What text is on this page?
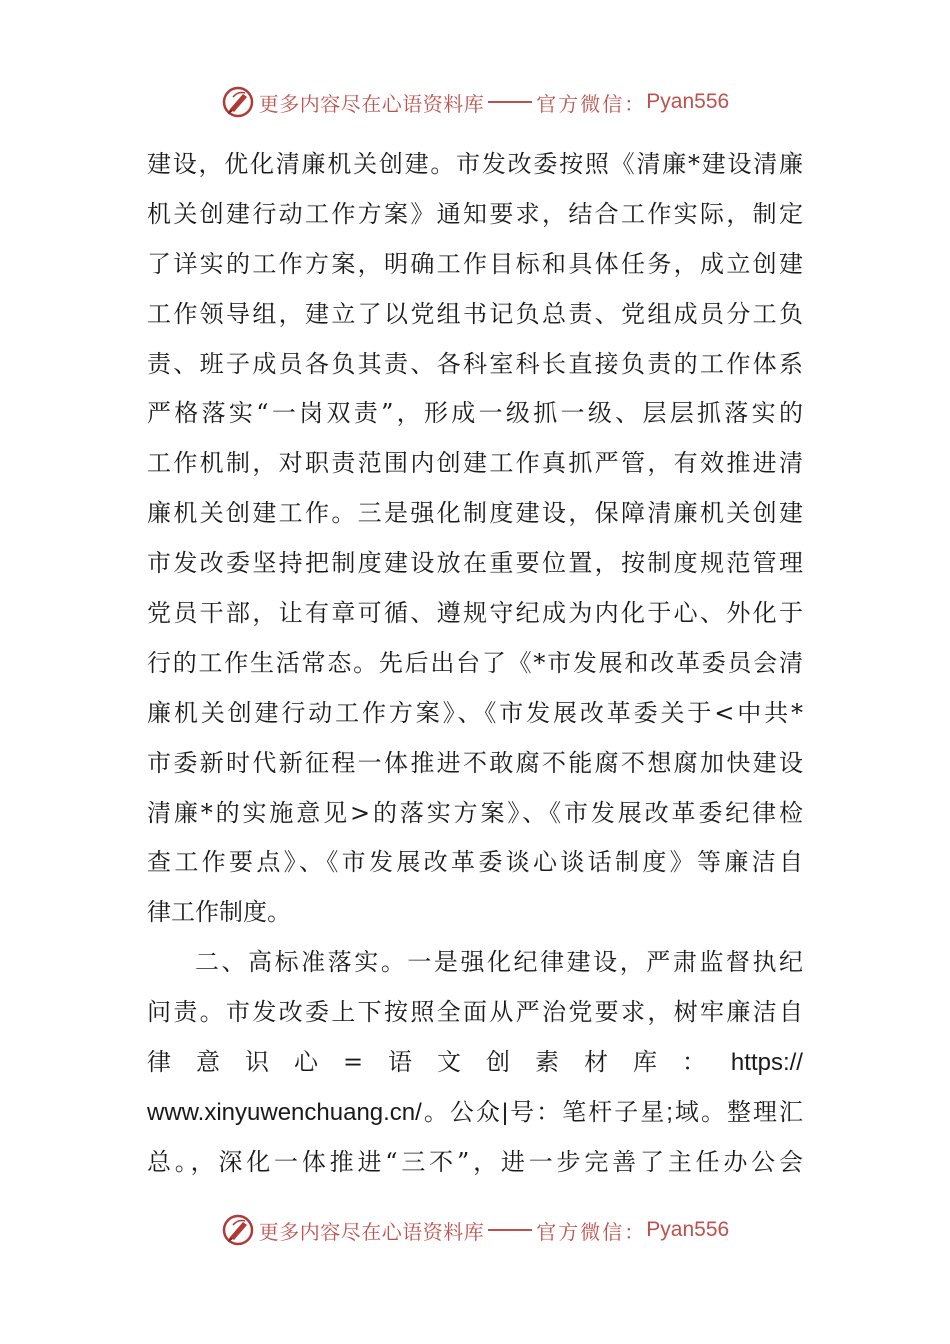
更多内容尽在心语资料库	官方微信： Pyan556
建设，优化清廉机关创建。市发改委按照《清廉*建设清廉
机关创建行动工作方案》通知要求，结合工作实际，制定
了详实的工作方案，明确工作目标和具体任务，成立创建
工作领导组，建立了以党组书记负总责、党组成员分工负
责、班子成员各负其责、各科室科长直接负责的工作体系
严格落实“一岗双责”，形成一级抓一级、层层抓落实的
工作机制，对职责范围内创建工作真抓严管，有效推进清
廉机关创建工作。三是强化制度建设，保障清廉机关创建
市发改委坚持把制度建设放在重要位置，按制度规范管理
党员干部，让有章可循、遵规守纪成为内化于心、外化于
行的工作生活常态。先后出台了《*市发展和改革委员会清
廉机关创建行动工作方案》、《市发展改革委关于<中共*
市委新时代新征程一体推进不敢腐不能腐不想腐加快建设
清廉*的实施意见>的落实方案》、《市发展改革委纪律检
查工作要点》、《市发展改革委谈心谈话制度》等廉洁自
律工作制度。
二、高标准落实。一是强化纪律建设，严肃监督执纪
问责。市发改委上下按照全面从严治党要求，树牢廉洁自
律 意 识 心 = 语 文 创 素 材 库 ： https://
www.xinyuwenchuang.cn/。公众|号：笔杆子星;域。整理汇
总。，深化一体推进“三不”，进一步完善了主任办公会
更多内容尽在心语资料库	官方微信： Pyan556
